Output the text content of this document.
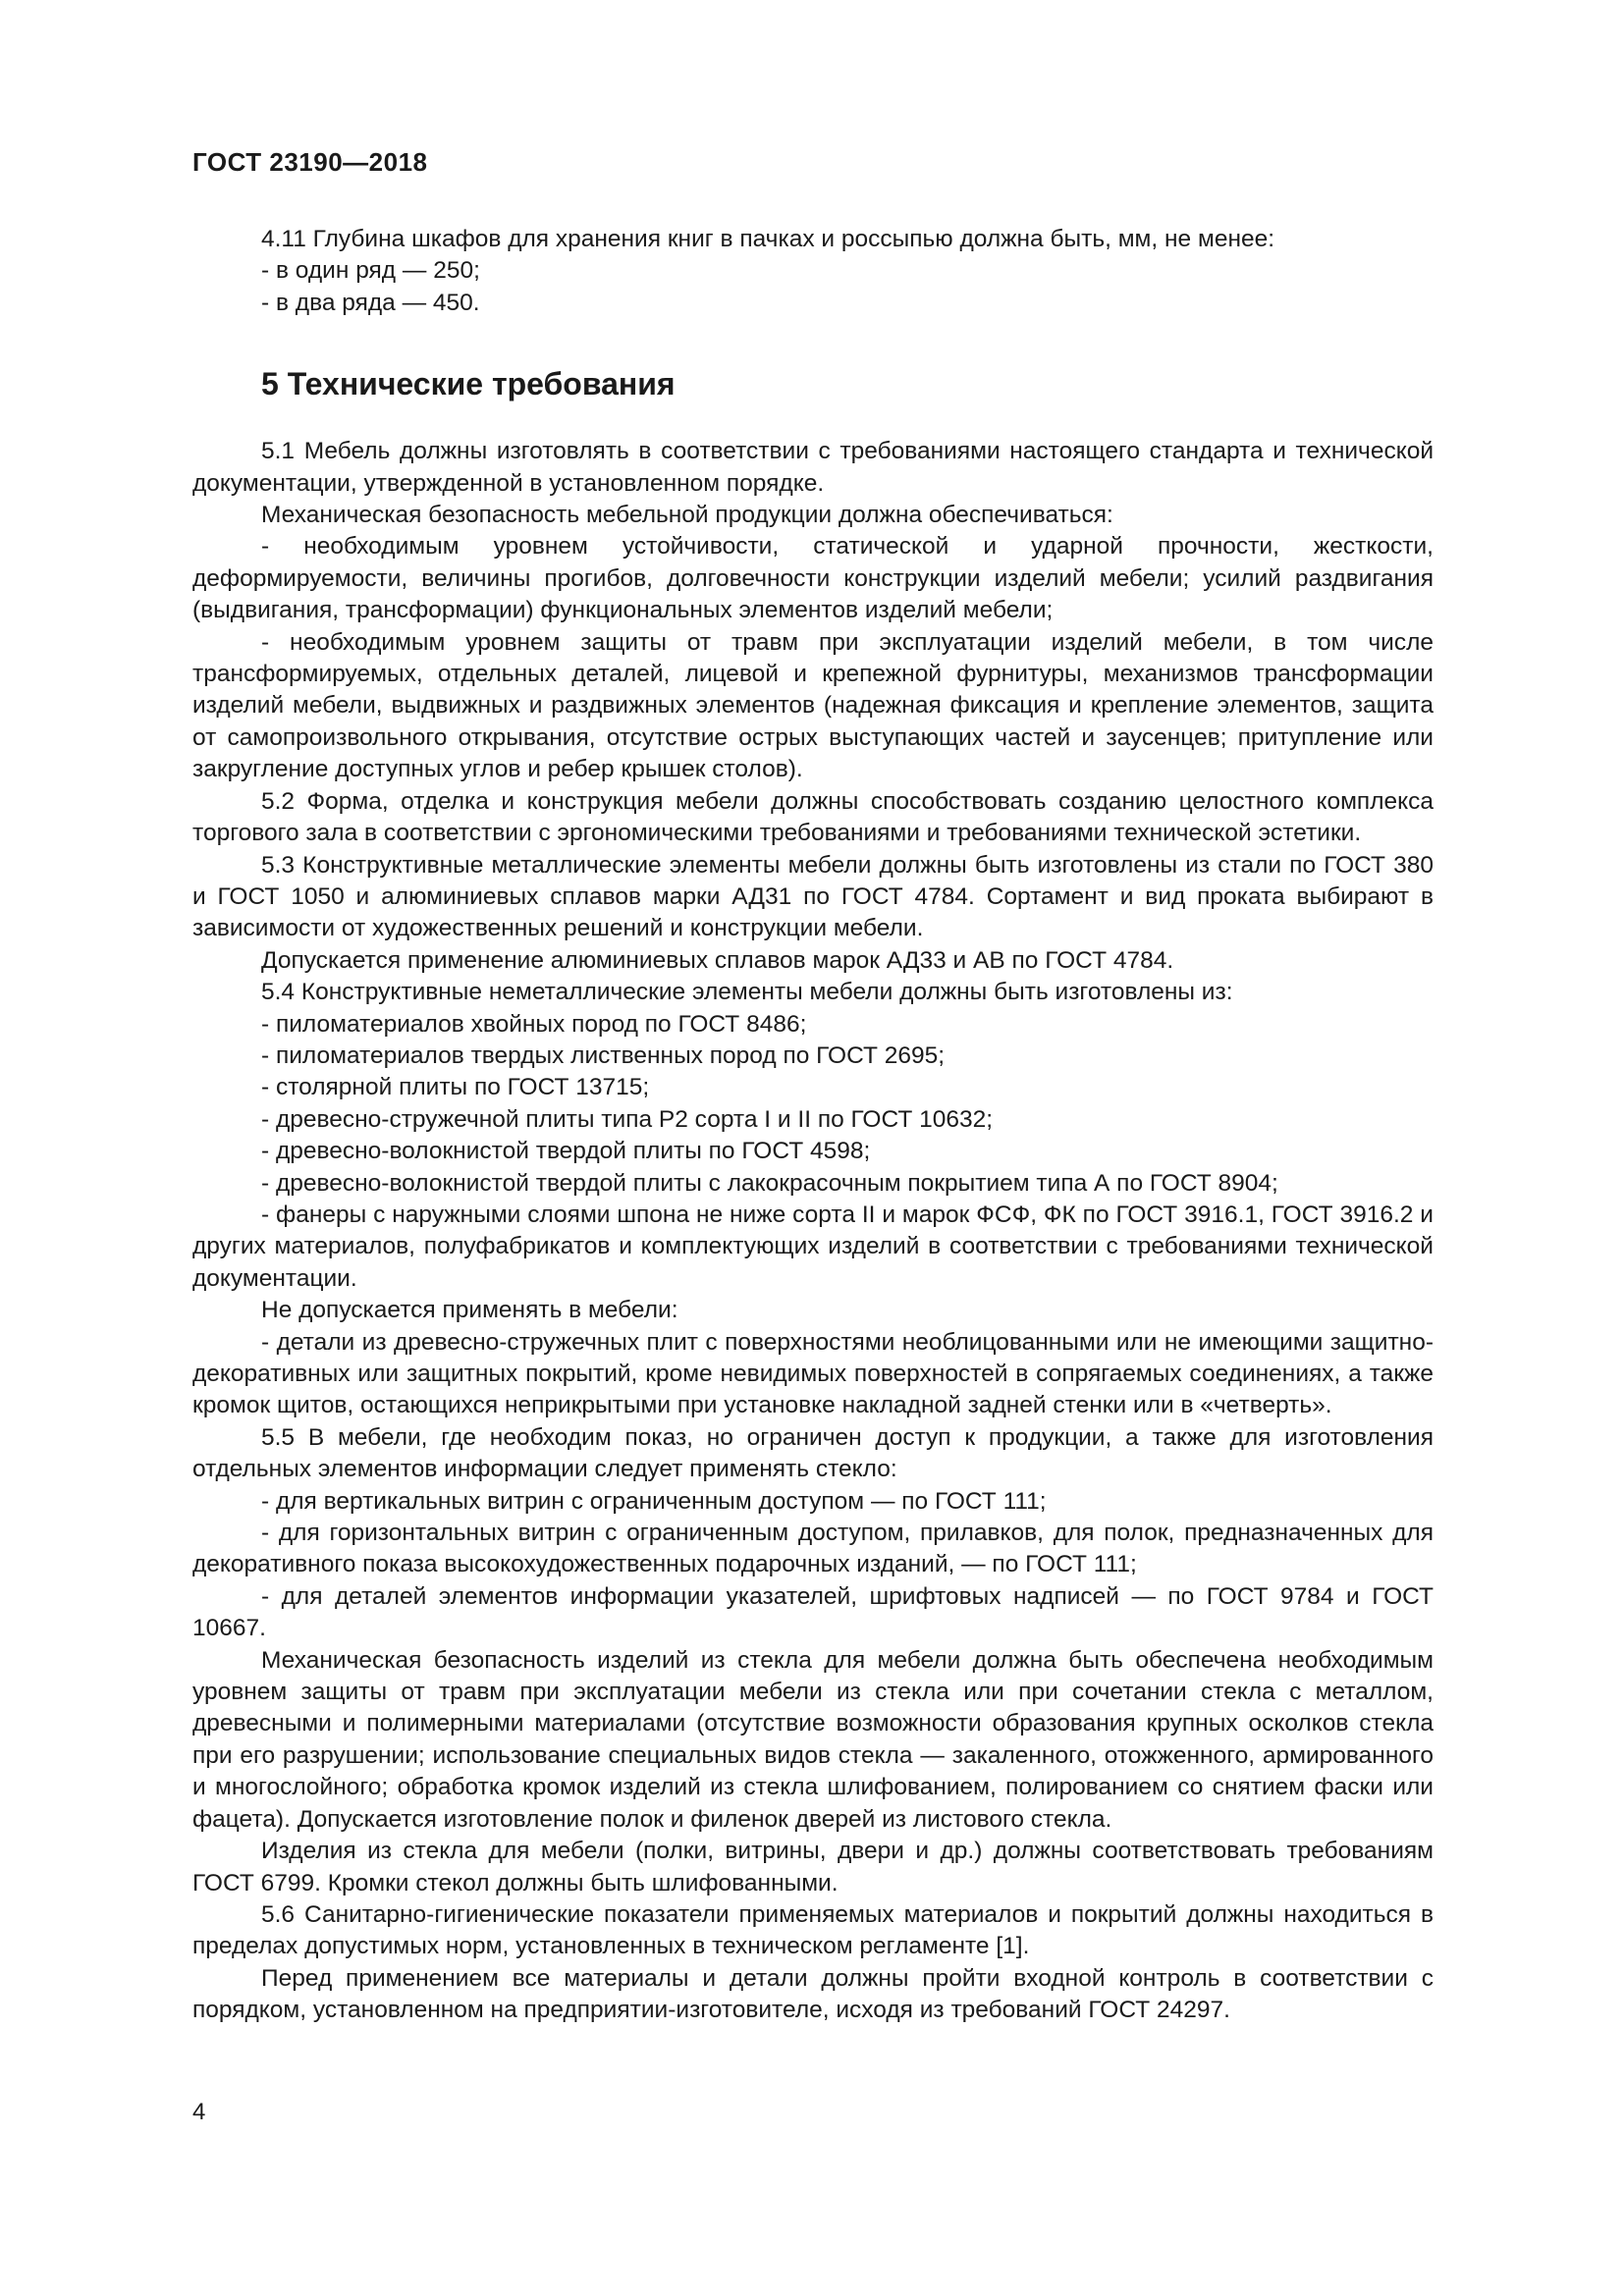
ГОСТ 23190—2018

4.11 Глубина шкафов для хранения книг в пачках и россыпью должна быть, мм, не менее:

- в один ряд — 250;

- в два ряда — 450.

5 Технические требования

5.1 Мебель должны изготовлять в соответствии с требованиями настоящего стандарта и технической документации, утвержденной в установленном порядке.

Механическая безопасность мебельной продукции должна обеспечиваться:

- необходимым уровнем устойчивости, статической и ударной прочности, жесткости, деформируемости, величины прогибов, долговечности конструкции изделий мебели; усилий раздвигания (выдвигания, трансформации) функциональных элементов изделий мебели;

- необходимым уровнем защиты от травм при эксплуатации изделий мебели, в том числе трансформируемых, отдельных деталей, лицевой и крепежной фурнитуры, механизмов трансформации изделий мебели, выдвижных и раздвижных элементов (надежная фиксация и крепление элементов, защита от самопроизвольного открывания, отсутствие острых выступающих частей и заусенцев; притупление или закругление доступных углов и ребер крышек столов).

5.2 Форма, отделка и конструкция мебели должны способствовать созданию целостного комплекса торгового зала в соответствии с эргономическими требованиями и требованиями технической эстетики.

5.3 Конструктивные металлические элементы мебели должны быть изготовлены из стали по ГОСТ 380 и ГОСТ 1050 и алюминиевых сплавов марки АД31 по ГОСТ 4784. Сортамент и вид проката выбирают в зависимости от художественных решений и конструкции мебели.

Допускается применение алюминиевых сплавов марок АД33 и АВ по ГОСТ 4784.

5.4 Конструктивные неметаллические элементы мебели должны быть изготовлены из:

- пиломатериалов хвойных пород по ГОСТ 8486;

- пиломатериалов твердых лиственных пород по ГОСТ 2695;

- столярной плиты по ГОСТ 13715;

- древесно-стружечной плиты типа Р2 сорта I и II по ГОСТ 10632;

- древесно-волокнистой твердой плиты по ГОСТ 4598;

- древесно-волокнистой твердой плиты с лакокрасочным покрытием типа А по ГОСТ 8904;

- фанеры с наружными слоями шпона не ниже сорта II и марок ФСФ, ФК по ГОСТ 3916.1, ГОСТ 3916.2 и других материалов, полуфабрикатов и комплектующих изделий в соответствии с требованиями технической документации.

Не допускается применять в мебели:

- детали из древесно-стружечных плит с поверхностями необлицованными или не имеющими защитно-декоративных или защитных покрытий, кроме невидимых поверхностей в сопрягаемых соединениях, а также кромок щитов, остающихся неприкрытыми при установке накладной задней стенки или в «четверть».

5.5 В мебели, где необходим показ, но ограничен доступ к продукции, а также для изготовления отдельных элементов информации следует применять стекло:

- для вертикальных витрин с ограниченным доступом — по ГОСТ 111;

- для горизонтальных витрин с ограниченным доступом, прилавков, для полок, предназначенных для декоративного показа высокохудожественных подарочных изданий, — по ГОСТ 111;

- для деталей элементов информации указателей, шрифтовых надписей — по ГОСТ 9784 и ГОСТ 10667.

Механическая безопасность изделий из стекла для мебели должна быть обеспечена необходимым уровнем защиты от травм при эксплуатации мебели из стекла или при сочетании стекла с металлом, древесными и полимерными материалами (отсутствие возможности образования крупных осколков стекла при его разрушении; использование специальных видов стекла — закаленного, отожженного, армированного и многослойного; обработка кромок изделий из стекла шлифованием, полированием со снятием фаски или фацета). Допускается изготовление полок и филенок дверей из листового стекла.

Изделия из стекла для мебели (полки, витрины, двери и др.) должны соответствовать требованиям ГОСТ 6799. Кромки стекол должны быть шлифованными.

5.6 Санитарно-гигиенические показатели применяемых материалов и покрытий должны находиться в пределах допустимых норм, установленных в техническом регламенте [1].

Перед применением все материалы и детали должны пройти входной контроль в соответствии с порядком, установленном на предприятии-изготовителе, исходя из требований ГОСТ 24297.

4
